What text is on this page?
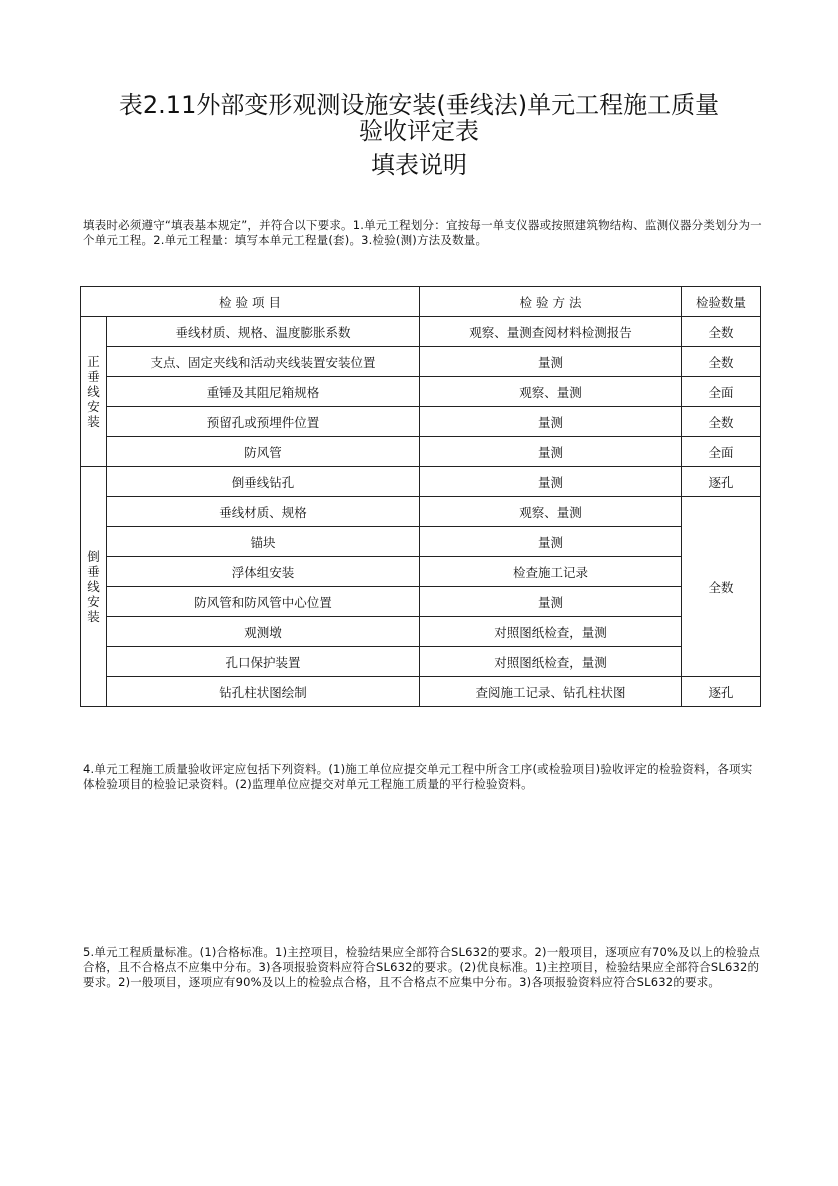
表2.11外部变形观测设施安装(垂线法)单元工程施工质量
验收评定表
填表说明
填表时必须遵守“填表基本规定”，并符合以下要求。1.单元工程划分：宜按每一单支仪器或按照建筑物结构、监测仪器分类划分为一个单元工程。2.单元工程量：填写本单元工程量(套)。3.检验(测)方法及数量。
检 验 项 目		检 验 方 法	检验数量

正
垂
线
安
装	垂线材质、规格、温度膨胀系数	观察、量测查阅材料检测报告	全数
	支点、固定夹线和活动夹线装置安装位置	量测	全数
	重锤及其阻尼箱规格	观察、量测	全面
	预留孔或预埋件位置	量测	全数
	防风管	量测	全面

倒
垂
线
安
装	倒垂线钻孔	量测	逐孔
	垂线材质、规格	观察、量测	全数
	锚块	量测	
	浮体组安装	检查施工记录	
	防风管和防风管中心位置	量测	
	观测墩	对照图纸检查，量测	
	孔口保护装置	对照图纸检查，量测	
	钻孔柱状图绘制	查阅施工记录、钻孔柱状图	逐孔
4.单元工程施工质量验收评定应包括下列资料。(1)施工单位应提交单元工程中所含工序(或检验项目)验收评定的检验资料，各项实体检验项目的检验记录资料。(2)监理单位应提交对单元工程施工质量的平行检验资料。
5.单元工程质量标准。(1)合格标准。1)主控项目，检验结果应全部符合SL632的要求。2)一般项目，逐项应有70%及以上的检验点合格，且不合格点不应集中分布。3)各项报验资料应符合SL632的要求。(2)优良标准。1)主控项目，检验结果应全部符合SL632的要求。2)一般项目，逐项应有90%及以上的检验点合格，且不合格点不应集中分布。3)各项报验资料应符合SL632的要求。
